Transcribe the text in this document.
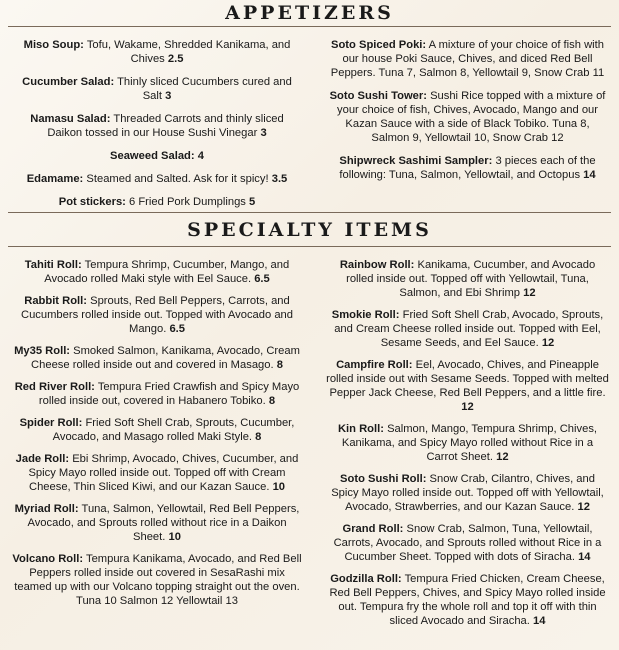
APPETIZERS

Miso Soup: Tofu, Wakame, Shredded Kanikama, and Chives 2.5

Cucumber Salad: Thinly sliced Cucumbers cured and Salt 3

Namasu Salad: Threaded Carrots and thinly sliced Daikon tossed in our House Sushi Vinegar 3

Seaweed Salad: 4

Edamame: Steamed and Salted. Ask for it spicy! 3.5

Pot stickers: 6 Fried Pork Dumplings 5

Soto Spiced Poki: A mixture of your choice of fish with our house Poki Sauce, Chives, and diced Red Bell Peppers. Tuna 7, Salmon 8, Yellowtail 9, Snow Crab 11

Soto Sushi Tower: Sushi Rice topped with a mixture of your choice of fish, Chives, Avocado, Mango and our Kazan Sauce with a side of Black Tobiko. Tuna 8, Salmon 9, Yellowtail 10, Snow Crab 12

Shipwreck Sashimi Sampler: 3 pieces each of the following: Tuna, Salmon, Yellowtail, and Octopus 14

SPECIALTY ITEMS

Tahiti Roll: Tempura Shrimp, Cucumber, Mango, and Avocado rolled Maki style with Eel Sauce. 6.5

Rabbit Roll: Sprouts, Red Bell Peppers, Carrots, and Cucumbers rolled inside out. Topped with Avocado and Mango. 6.5

My35 Roll: Smoked Salmon, Kanikama, Avocado, Cream Cheese rolled inside out and covered in Masago. 8

Red River Roll: Tempura Fried Crawfish and Spicy Mayo rolled inside out, covered in Habanero Tobiko. 8

Spider Roll: Fried Soft Shell Crab, Sprouts, Cucumber, Avocado, and Masago rolled Maki Style. 8

Jade Roll: Ebi Shrimp, Avocado, Chives, Cucumber, and Spicy Mayo rolled inside out. Topped off with Cream Cheese, Thin Sliced Kiwi, and our Kazan Sauce. 10

Myriad Roll: Tuna, Salmon, Yellowtail, Red Bell Peppers, Avocado, and Sprouts rolled without rice in a Daikon Sheet. 10

Volcano Roll: Tempura Kanikama, Avocado, and Red Bell Peppers rolled inside out covered in SesaRashi mix teamed up with our Volcano topping straight out the oven. Tuna 10 Salmon 12 Yellowtail 13

Rainbow Roll: Kanikama, Cucumber, and Avocado rolled inside out. Topped off with Yellowtail, Tuna, Salmon, and Ebi Shrimp 12

Smokie Roll: Fried Soft Shell Crab, Avocado, Sprouts, and Cream Cheese rolled inside out. Topped with Eel, Sesame Seeds, and Eel Sauce. 12

Campfire Roll: Eel, Avocado, Chives, and Pineapple rolled inside out with Sesame Seeds. Topped with melted Pepper Jack Cheese, Red Bell Peppers, and a little fire. 12

Kin Roll: Salmon, Mango, Tempura Shrimp, Chives, Kanikama, and Spicy Mayo rolled without Rice in a Carrot Sheet. 12

Soto Sushi Roll: Snow Crab, Cilantro, Chives, and Spicy Mayo rolled inside out. Topped off with Yellowtail, Avocado, Strawberries, and our Kazan Sauce. 12

Grand Roll: Snow Crab, Salmon, Tuna, Yellowtail, Carrots, Avocado, and Sprouts rolled without Rice in a Cucumber Sheet. Topped with dots of Siracha. 14

Godzilla Roll: Tempura Fried Chicken, Cream Cheese, Red Bell Peppers, Chives, and Spicy Mayo rolled inside out. Tempura fry the whole roll and top it off with thin sliced Avocado and Siracha. 14
